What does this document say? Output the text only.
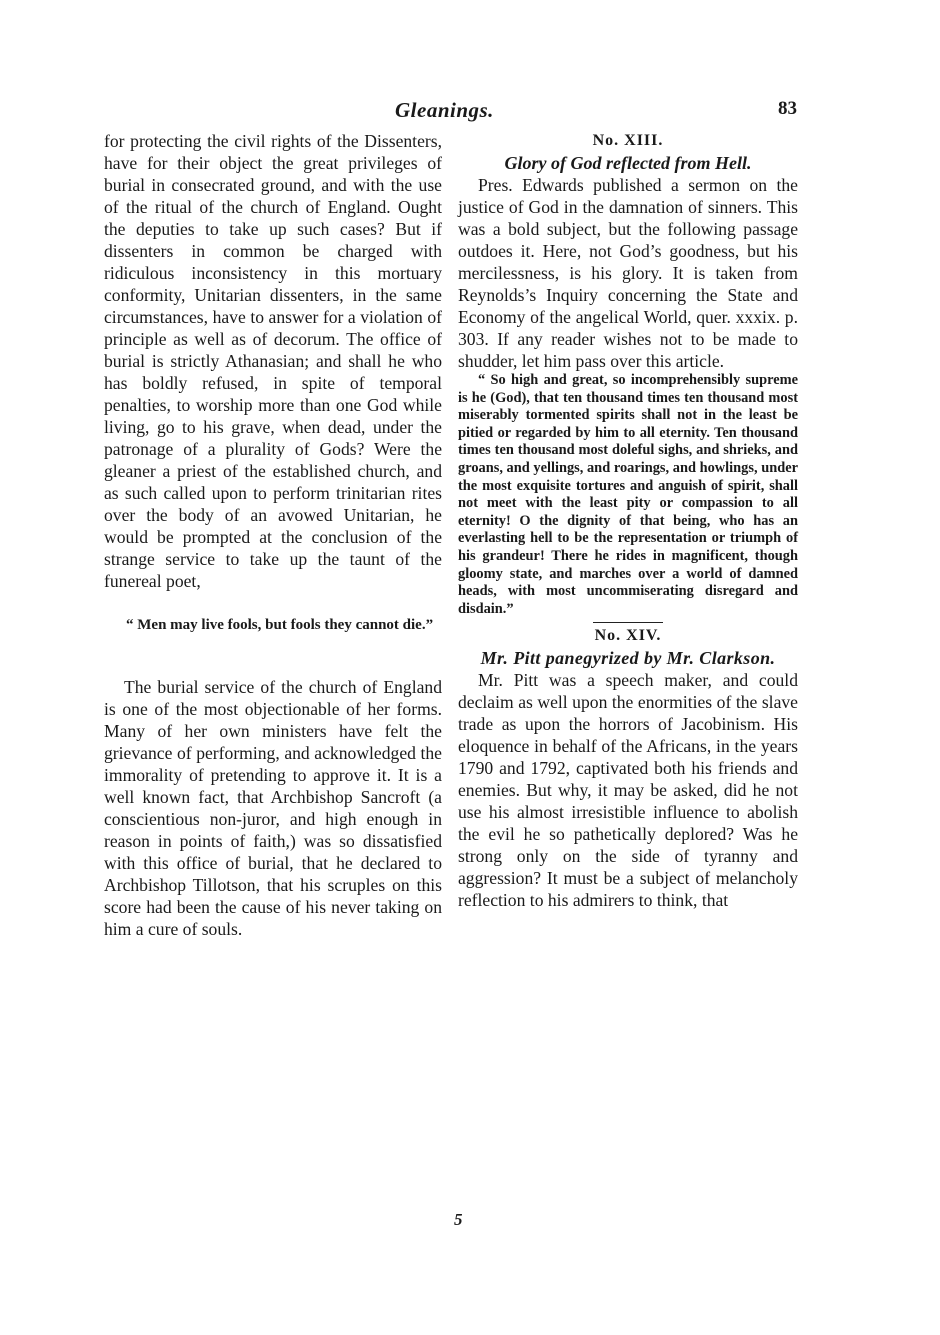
Gleanings.	83

for protecting the civil rights of the Dissenters, have for their object the great privileges of burial in consecrated ground, and with the use of the ritual of the church of England. Ought the deputies to take up such cases? But if dissenters in common be charged with ridiculous inconsistency in this mortuary conformity, Unitarian dissenters, in the same circumstances, have to answer for a violation of principle as well as of decorum. The office of burial is strictly Athanasian; and shall he who has boldly refused, in spite of temporal penalties, to worship more than one God while living, go to his grave, when dead, under the patronage of a plurality of Gods? Were the gleaner a priest of the established church, and as such called upon to perform trinitarian rites over the body of an avowed Unitarian, he would be prompted at the conclusion of the strange service to take up the taunt of the funereal poet,

“ Men may live fools, but fools they cannot die.”

The burial service of the church of England is one of the most objectionable of her forms. Many of her own ministers have felt the grievance of performing, and acknowledged the immorality of pretending to approve it. It is a well known fact, that Archbishop Sancroft (a conscientious non-juror, and high enough in reason in points of faith,) was so dissatisfied with this office of burial, that he declared to Archbishop Tillotson, that his scruples on this score had been the cause of his never taking on him a cure of souls.

No. XIII.
Glory of God reflected from Hell.

Pres. Edwards published a sermon on the justice of God in the damnation of sinners. This was a bold subject, but the following passage outdoes it. Here, not God’s goodness, but his mercilessness, is his glory. It is taken from Reynolds’s Inquiry concerning the State and Economy of the angelical World, quer. xxxix. p. 303. If any reader wishes not to be made to shudder, let him pass over this article.

“ So high and great, so incomprehensibly supreme is he (God), that ten thousand times ten thousand most miserably tormented spirits shall not in the least be pitied or regarded by him to all eternity. Ten thousand times ten thousand most doleful sighs, and shrieks, and groans, and yellings, and roarings, and howlings, under the most exquisite tortures and anguish of spirit, shall not meet with the least pity or compassion to all eternity! O the dignity of that being, who has an everlasting hell to be the representation or triumph of his grandeur! There he rides in magnificent, though gloomy state, and marches over a world of damned heads, with most uncommiserating disregard and disdain.”

No. XIV.
Mr. Pitt panegyrized by Mr. Clarkson.

Mr. Pitt was a speech maker, and could declaim as well upon the enormities of the slave trade as upon the horrors of Jacobinism. His eloquence in behalf of the Africans, in the years 1790 and 1792, captivated both his friends and enemies. But why, it may be asked, did he not use his almost irresistible influence to abolish the evil he so pathetically deplored? Was he strong only on the side of tyranny and aggression? It must be a subject of melancholy reflection to his admirers to think, that

5
